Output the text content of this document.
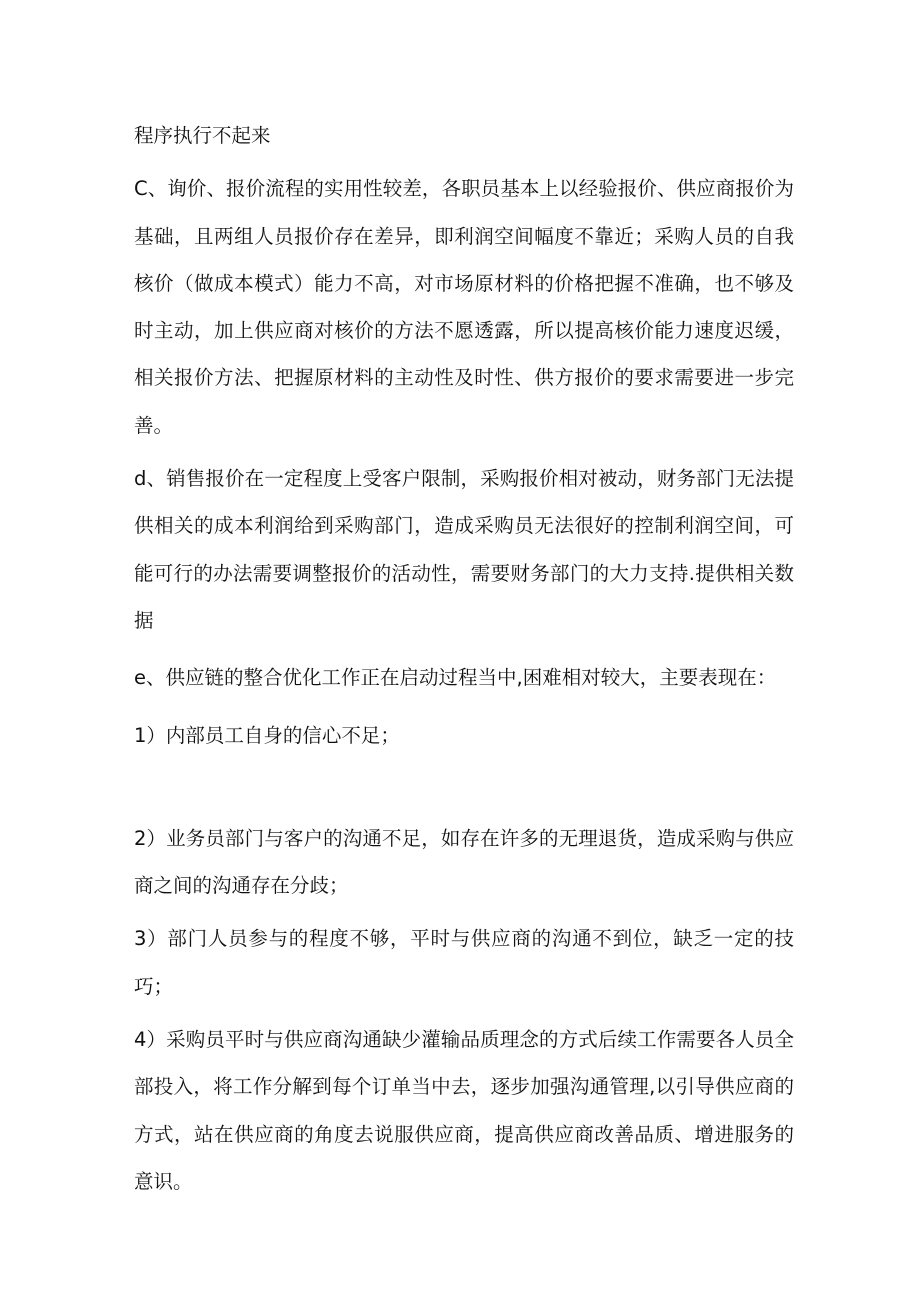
程序执行不起来

C、询价、报价流程的实用性较差，各职员基本上以经验报价、供应商报价为基础，且两组人员报价存在差异，即利润空间幅度不靠近；采购人员的自我核价（做成本模式）能力不高，对市场原材料的价格把握不准确，也不够及时主动，加上供应商对核价的方法不愿透露，所以提高核价能力速度迟缓，相关报价方法、把握原材料的主动性及时性、供方报价的要求需要进一步完善。

d、销售报价在一定程度上受客户限制，采购报价相对被动，财务部门无法提供相关的成本利润给到采购部门，造成采购员无法很好的控制利润空间，可能可行的办法需要调整报价的活动性，需要财务部门的大力支持.提供相关数据

e、供应链的整合优化工作正在启动过程当中,困难相对较大，主要表现在：

1）内部员工自身的信心不足；

2）业务员部门与客户的沟通不足，如存在许多的无理退货，造成采购与供应商之间的沟通存在分歧；

3）部门人员参与的程度不够，平时与供应商的沟通不到位，缺乏一定的技巧；

4）采购员平时与供应商沟通缺少灌输品质理念的方式后续工作需要各人员全部投入，将工作分解到每个订单当中去，逐步加强沟通管理,以引导供应商的方式，站在供应商的角度去说服供应商，提高供应商改善品质、增进服务的意识。
